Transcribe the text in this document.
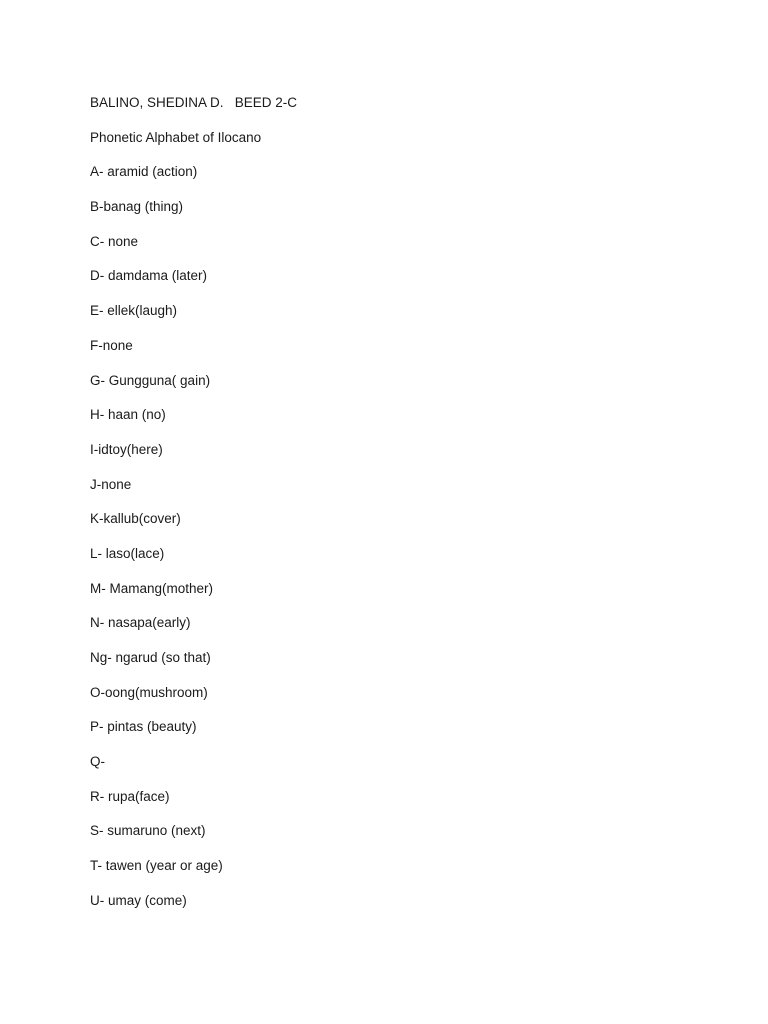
BALINO, SHEDINA D.   BEED 2-C

Phonetic Alphabet of Ilocano

A- aramid (action)

B-banag (thing)

C- none

D- damdama (later)

E- ellek(laugh)

F-none

G- Gungguna( gain)

H- haan (no)

I-idtoy(here)

J-none

K-kallub(cover)

L- laso(lace)

M- Mamang(mother)

N- nasapa(early)

Ng- ngarud (so that)

O-oong(mushroom)

P- pintas (beauty)

Q-

R- rupa(face)

S- sumaruno (next)

T- tawen (year or age)

U- umay (come)
